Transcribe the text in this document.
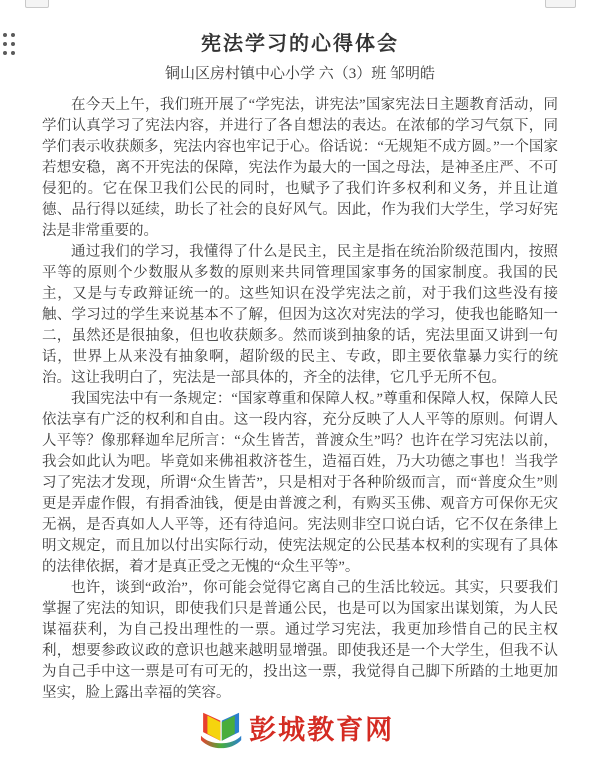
宪法学习的心得体会
铜山区房村镇中心小学 六（3）班 邹明皓

在今天上午，我们班开展了“学宪法，讲宪法”国家宪法日主题教育活动，同学们认真学习了宪法内容，并进行了各自想法的表达。在浓郁的学习气氛下，同学们表示收获颇多，宪法内容也牢记于心。俗话说：“无规矩不成方圆。”一个国家若想安稳，离不开宪法的保障，宪法作为最大的一国之母法，是神圣庄严、不可侵犯的。它在保卫我们公民的同时，也赋予了我们许多权利和义务，并且让道德、品行得以延续，助长了社会的良好风气。因此，作为我们大学生，学习好宪法是非常重要的。

通过我们的学习，我懂得了什么是民主，民主是指在统治阶级范围内，按照平等的原则个少数服从多数的原则来共同管理国家事务的国家制度。我国的民主，又是与专政辩证统一的。这些知识在没学宪法之前，对于我们这些没有接触、学习过的学生来说基本不了解，但因为这次对宪法的学习，使我也能略知一二，虽然还是很抽象，但也收获颇多。然而谈到抽象的话，宪法里面又讲到一句话，世界上从来没有抽象啊，超阶级的民主、专政，即主要依靠暴力实行的统治。这让我明白了，宪法是一部具体的，齐全的法律，它几乎无所不包。

我国宪法中有一条规定：“国家尊重和保障人权。”尊重和保障人权，保障人民依法享有广泛的权利和自由。这一段内容，充分反映了人人平等的原则。何谓人人平等？像那释迦牟尼所言：“众生皆苦，普渡众生”吗？也许在学习宪法以前，我会如此认为吧。毕竟如来佛祖救济苍生，造福百姓，乃大功德之事也！当我学习了宪法才发现，所谓“众生皆苦”，只是相对于各种阶级而言，而“普度众生”则更是弄虚作假，有捐香油钱，便是由普渡之利，有购买玉佛、观音方可保你无灾无祸，是否真如人人平等，还有待追问。宪法则非空口说白话，它不仅在条律上明文规定，而且加以付出实际行动，使宪法规定的公民基本权利的实现有了具体的法律依据，着才是真正受之无愧的“众生平等”。

也许，谈到“政治”，你可能会觉得它离自己的生活比较远。其实，只要我们掌握了宪法的知识，即使我们只是普通公民，也是可以为国家出谋划策，为人民谋福获利，为自己投出理性的一票。通过学习宪法，我更加珍惜自己的民主权利，想要参政议政的意识也越来越明显增强。即使我还是一个大学生，但我不认为自己手中这一票是可有可无的，投出这一票，我觉得自己脚下所踏的土地更加坚实，脸上露出幸福的笑容。

彭城教育网
